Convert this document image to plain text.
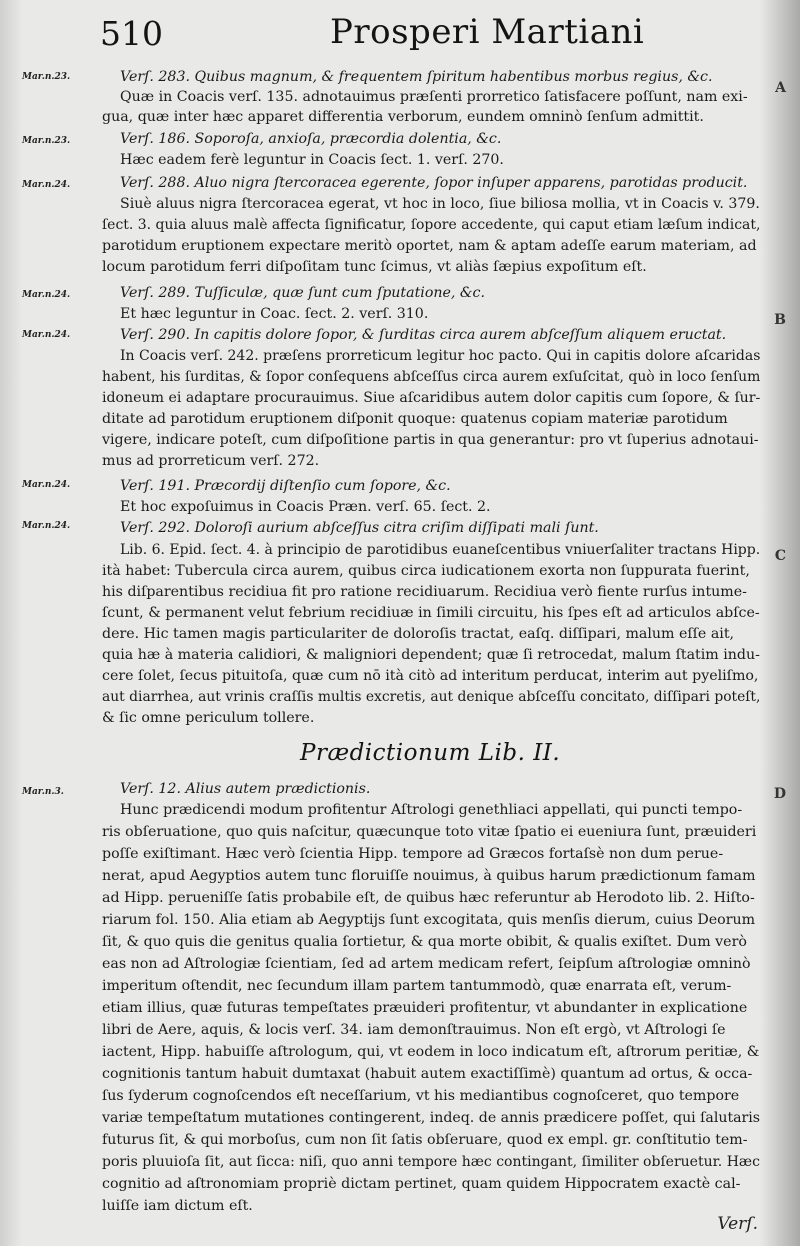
510	Prosperi Martiani
Mar.n.23.
Mar.n.23.
Mar.n.24.
Mar.n.24.
Mar.n.24.
Mar.n.24.
Mar.n.24.
Mar.n.3.
A
B
C
D
Verſ. 283. Quibus magnum, & frequentem ſpiritum habentibus morbus regius, &c.
Quæ in Coacis verſ. 135. adnotauimus præſenti prorretico ſatisfacere poſſunt, nam exi-
gua, quæ inter hæc apparet differentia verborum, eundem omninò ſenſum admittit.
Verſ. 186. Soporoſa, anxioſa, præcordia dolentia, &c.
Hæc eadem ferè leguntur in Coacis ſect. 1. verſ. 270.
Verſ. 288. Aluo nigra ſtercoracea egerente, ſopor inſuper apparens, parotidas producit.
Siuè aluus nigra ſtercoracea egerat, vt hoc in loco, ſiue biliosa mollia, vt in Coacis v. 379.
ſect. 3. quia aluus malè affecta ſignificatur, ſopore accedente, qui caput etiam læſum indicat,
parotidum eruptionem expectare meritò oportet, nam & aptam adeſſe earum materiam, ad
locum parotidum ferri diſpoſitam tunc ſcimus, vt aliàs ſæpius expoſitum eſt.
Verſ. 289. Tuſſiculæ, quæ ſunt cum ſputatione, &c.
Et hæc leguntur in Coac. ſect. 2. verſ. 310.
Verſ. 290. In capitis dolore ſopor, & ſurditas circa aurem abſceſſum aliquem eructat.
In Coacis verſ. 242. præſens prorreticum legitur hoc pacto. Qui in capitis dolore aſcaridas
habent, his ſurditas, & ſopor conſequens abſceſſus circa aurem exſuſcitat, quò in loco ſenſum
idoneum ei adaptare procurauimus. Siue aſcaridibus autem dolor capitis cum ſopore, & ſur-
ditate ad parotidum eruptionem diſponit quoque: quatenus copiam materiæ parotidum
vigere, indicare poteſt, cum diſpoſitione partis in qua generantur: pro vt ſuperius adnotaui-
mus ad prorreticum verſ. 272.
Verſ. 191. Præcordij diſtenſio cum ſopore, &c.
Et hoc expoſuimus in Coacis Præn. verſ. 65. ſect. 2.
Verſ. 292. Doloroſi aurium abſceſſus citra criſim diſſipati mali ſunt.
Lib. 6. Epid. ſect. 4. à principio de parotidibus euaneſcentibus vniuerſaliter tractans Hipp.
ità habet: Tubercula circa aurem, quibus circa iudicationem exorta non ſuppurata fuerint,
his diſparentibus recidiua fit pro ratione recidiuarum. Recidiua verò fiente rurſus intume-
ſcunt, & permanent velut febrium recidiuæ in ſimili circuitu, his ſpes eſt ad articulos abſce-
dere. Hic tamen magis particulariter de doloroſis tractat, eaſq. diſſipari, malum eſſe ait,
quia hæ à materia calidiori, & maligniori dependent; quæ ſi retrocedat, malum ſtatim indu-
cere ſolet, ſecus pituitoſa, quæ cum nō ità citò ad interitum perducat, interim aut pyeliſmo,
aut diarrhea, aut vrinis craſſis multis excretis, aut denique abſceſſu concitato, diſſipari poteſt,
& ſic omne periculum tollere.
Verſ. 12. Alius autem prædictionis.
Hunc prædicendi modum profitentur Aſtrologi genethliaci appellati, qui puncti tempo-
ris obſeruatione, quo quis naſcitur, quæcunque toto vitæ ſpatio ei eueniura ſunt, præuideri
poſſe exiſtimant. Hæc verò ſcientia Hipp. tempore ad Græcos fortaſsè non dum perue-
nerat, apud Aegyptios autem tunc floruiſſe nouimus, à quibus harum prædictionum famam
ad Hipp. perueniſſe ſatis probabile eſt, de quibus hæc referuntur ab Herodoto lib. 2. Hiſto-
riarum fol. 150. Alia etiam ab Aegyptijs ſunt excogitata, quis menſis dierum, cuius Deorum
ſit, & quo quis die genitus qualia ſortietur, & qua morte obibit, & qualis exiſtet. Dum verò
eas non ad Aſtrologiæ ſcientiam, ſed ad artem medicam refert, ſeipſum aſtrologiæ omninò
imperitum oſtendit, nec ſecundum illam partem tantummodò, quæ enarrata eſt, verum-
etiam illius, quæ futuras tempeſtates præuideri profitentur, vt abundanter in explicatione
libri de Aere, aquis, & locis verſ. 34. iam demonſtrauimus. Non eſt ergò, vt Aſtrologi ſe
iactent, Hipp. habuiſſe aſtrologum, qui, vt eodem in loco indicatum eſt, aſtrorum peritiæ, &
cognitionis tantum habuit dumtaxat (habuit autem exactiſſimè) quantum ad ortus, & occa-
ſus ſyderum cognoſcendos eſt neceſſarium, vt his mediantibus cognoſceret, quo tempore
variæ tempeſtatum mutationes contingerent, indeq. de annis prædicere poſſet, qui ſalutaris
futurus ſit, & qui morboſus, cum non ſit ſatis obſeruare, quod ex empl. gr. conſtitutio tem-
poris pluuioſa ſit, aut ſicca: niſi, quo anni tempore hæc contingant, ſimiliter obſeruetur. Hæc
cognitio ad aſtronomiam propriè dictam pertinet, quam quidem Hippocratem exactè cal-
luiſſe iam dictum eſt.
Prædictionum Lib. II.
Verſ.
